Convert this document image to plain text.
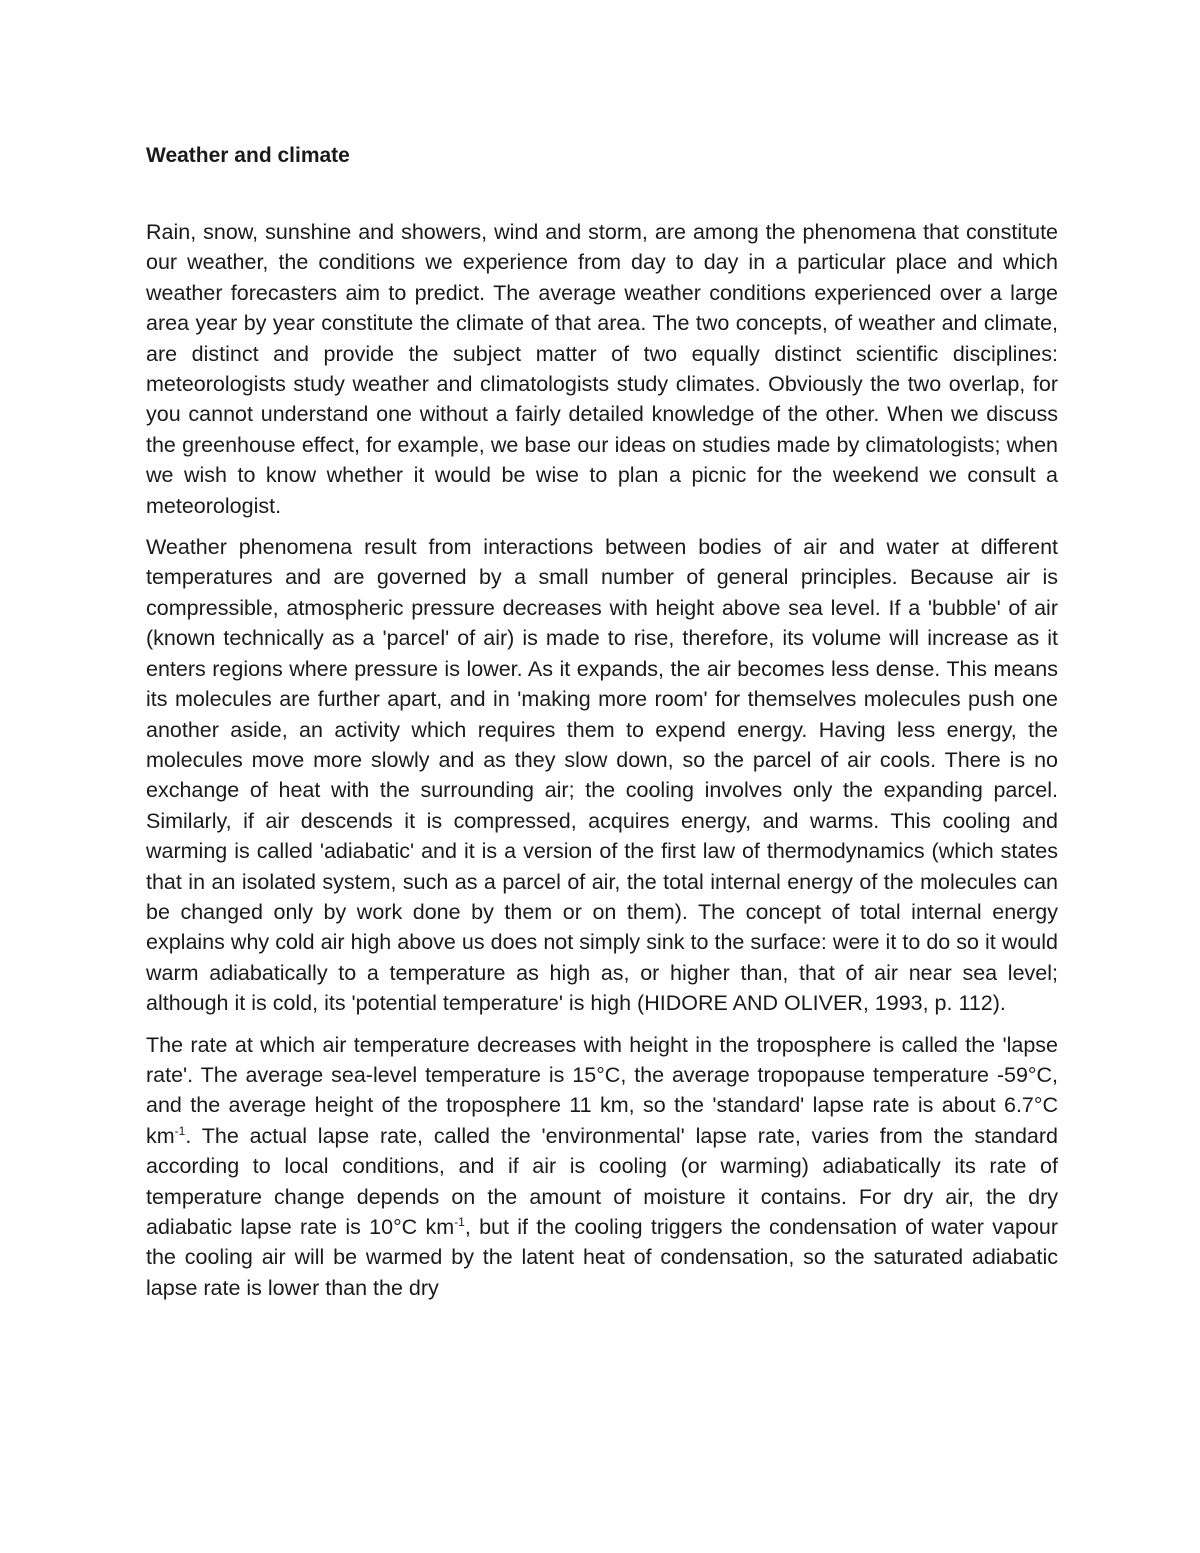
Weather and climate

Rain, snow, sunshine and showers, wind and storm, are among the phenomena that constitute our weather, the conditions we experience from day to day in a particular place and which weather forecasters aim to predict. The average weather conditions experienced over a large area year by year constitute the climate of that area. The two concepts, of weather and climate, are distinct and provide the subject matter of two equally distinct scientific disciplines: meteorologists study weather and climatologists study climates. Obviously the two overlap, for you cannot understand one without a fairly detailed knowledge of the other. When we discuss the greenhouse effect, for example, we base our ideas on studies made by climatologists; when we wish to know whether it would be wise to plan a picnic for the weekend we consult a meteorologist.

Weather phenomena result from interactions between bodies of air and water at different temperatures and are governed by a small number of general principles. Because air is compressible, atmospheric pressure decreases with height above sea level. If a 'bubble' of air (known technically as a 'parcel' of air) is made to rise, therefore, its volume will increase as it enters regions where pressure is lower. As it expands, the air becomes less dense. This means its molecules are further apart, and in 'making more room' for themselves molecules push one another aside, an activity which requires them to expend energy. Having less energy, the molecules move more slowly and as they slow down, so the parcel of air cools. There is no exchange of heat with the surrounding air; the cooling involves only the expanding parcel. Similarly, if air descends it is compressed, acquires energy, and warms. This cooling and warming is called 'adiabatic' and it is a version of the first law of thermodynamics (which states that in an isolated system, such as a parcel of air, the total internal energy of the molecules can be changed only by work done by them or on them). The concept of total internal energy explains why cold air high above us does not simply sink to the surface: were it to do so it would warm adiabatically to a temperature as high as, or higher than, that of air near sea level; although it is cold, its 'potential temperature' is high (HIDORE AND OLIVER, 1993, p. 112).

The rate at which air temperature decreases with height in the troposphere is called the 'lapse rate'. The average sea-level temperature is 15°C, the average tropopause temperature -59°C, and the average height of the troposphere 11 km, so the 'standard' lapse rate is about 6.7°C $km^{-1}$. The actual lapse rate, called the 'environmental' lapse rate, varies from the standard according to local conditions, and if air is cooling (or warming) adiabatically its rate of temperature change depends on the amount of moisture it contains. For dry air, the dry adiabatic lapse rate is 10°C $km^{-1}$, but if the cooling triggers the condensation of water vapour the cooling air will be warmed by the latent heat of condensation, so the saturated adiabatic lapse rate is lower than the dry
